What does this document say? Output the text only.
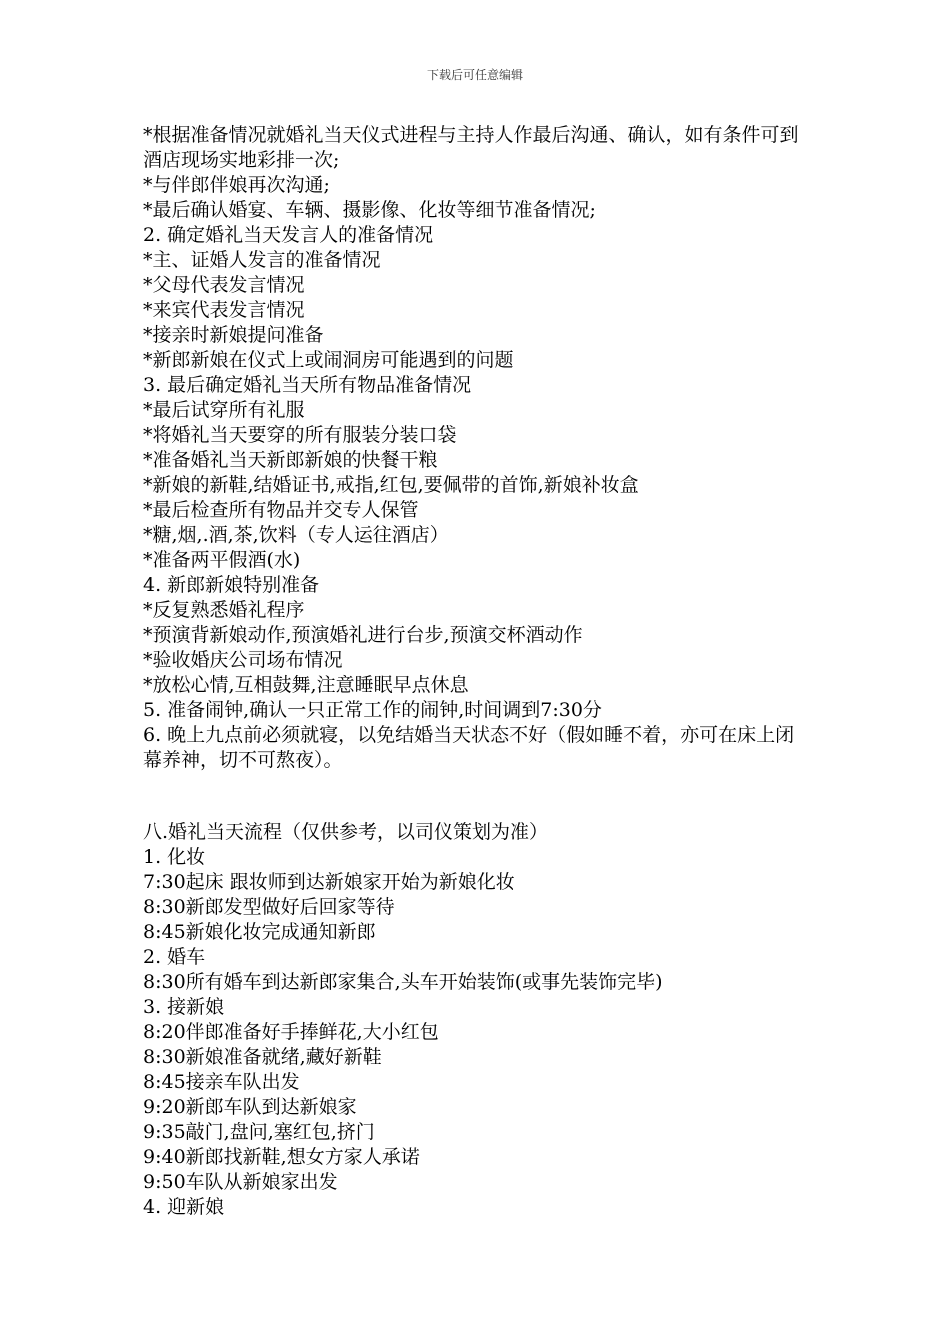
下载后可任意编辑
*根据准备情况就婚礼当天仪式进程与主持人作最后沟通、确认，如有条件可到酒店现场实地彩排一次;
*与伴郎伴娘再次沟通;
*最后确认婚宴、车辆、摄影像、化妆等细节准备情况;
2. 确定婚礼当天发言人的准备情况
*主、证婚人发言的准备情况
*父母代表发言情况
*来宾代表发言情况
*接亲时新娘提问准备
*新郎新娘在仪式上或闹洞房可能遇到的问题
3. 最后确定婚礼当天所有物品准备情况
*最后试穿所有礼服
*将婚礼当天要穿的所有服装分装口袋
*准备婚礼当天新郎新娘的快餐干粮
*新娘的新鞋,结婚证书,戒指,红包,要佩带的首饰,新娘补妆盒
*最后检查所有物品并交专人保管
*糖,烟,.酒,茶,饮料（专人运往酒店）
*准备两平假酒(水)
4. 新郎新娘特别准备
*反复熟悉婚礼程序
*预演背新娘动作,预演婚礼进行台步,预演交杯酒动作
*验收婚庆公司场布情况
*放松心情,互相鼓舞,注意睡眠早点休息
5. 准备闹钟,确认一只正常工作的闹钟,时间调到7:30分
6. 晚上九点前必须就寝，以免结婚当天状态不好（假如睡不着，亦可在床上闭幕养神，切不可熬夜）。
八.婚礼当天流程（仅供参考，以司仪策划为准）
1. 化妆
7:30起床 跟妆师到达新娘家开始为新娘化妆
8:30新郎发型做好后回家等待
8:45新娘化妆完成通知新郎
2. 婚车
8:30所有婚车到达新郎家集合,头车开始装饰(或事先装饰完毕)
3. 接新娘
8:20伴郎准备好手捧鲜花,大小红包
8:30新娘准备就绪,藏好新鞋
8:45接亲车队出发
9:20新郎车队到达新娘家
9:35敲门,盘问,塞红包,挤门
9:40新郎找新鞋,想女方家人承诺
9:50车队从新娘家出发
4. 迎新娘
